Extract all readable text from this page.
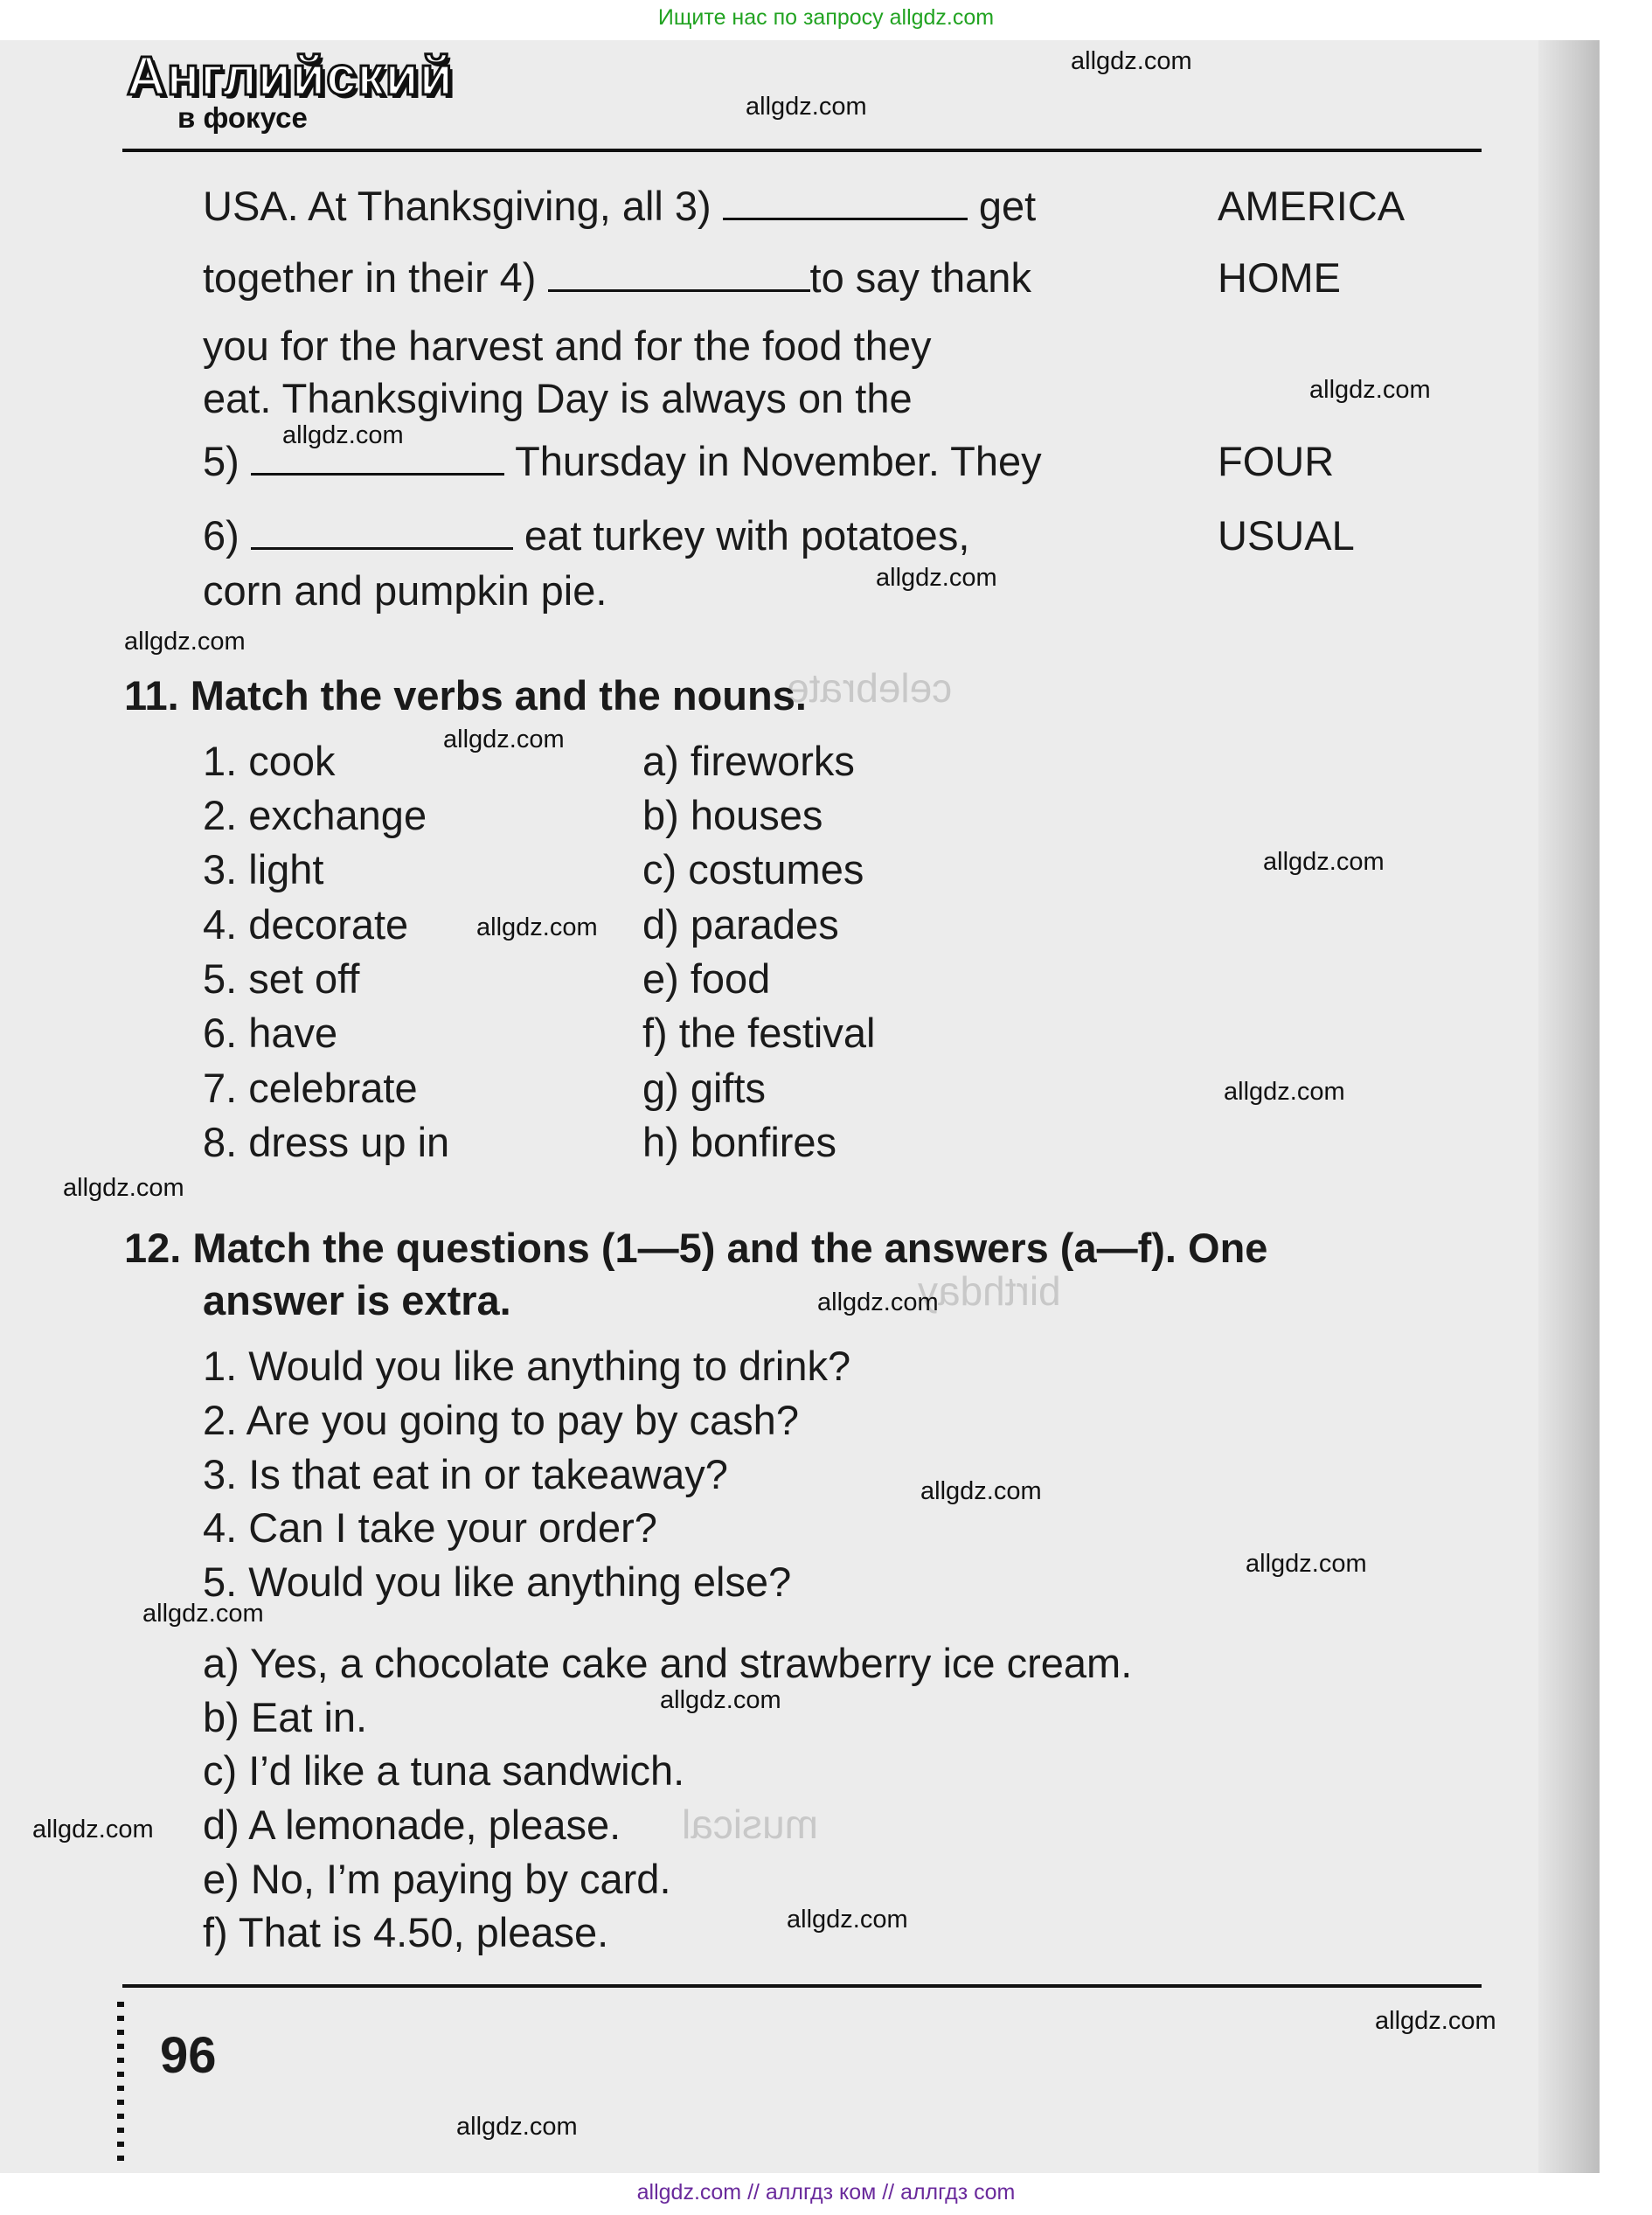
Ищите нас по запросу allgdz.com
celebrate
birthday
musical
Английский
в фокусе
USA. At Thanksgiving, all 3)	get
together in their 4)	to say thank
you for the harvest and for the food they
eat. Thanksgiving Day is always on the
5)	Thursday in November. They
6)	eat turkey with potatoes,
corn and pumpkin pie.
AMERICA
HOME
FOUR
USUAL
11. Match the verbs and the nouns.
1. cook
2. exchange
3. light
4. decorate
5. set off
6. have
7. celebrate
8. dress up in
a) fireworks
b) houses
c) costumes
d) parades
e) food
f) the festival
g) gifts
h) bonfires
12. Match the questions (1—5) and the answers (a—f). One
answer is extra.
1. Would you like anything to drink?
2. Are you going to pay by cash?
3. Is that eat in or takeaway?
4. Can I take your order?
5. Would you like anything else?
a) Yes, a chocolate cake and strawberry ice cream.
b) Eat in.
c) I’d like a tuna sandwich.
d) A lemonade, please.
e) No, I’m paying by card.
f) That is 4.50, please.
96
allgdz.com
allgdz.com
allgdz.com
allgdz.com
allgdz.com
allgdz.com
allgdz.com
allgdz.com
allgdz.com
allgdz.com
allgdz.com
allgdz.com
allgdz.com
allgdz.com
allgdz.com
allgdz.com
allgdz.com
allgdz.com
allgdz.com
allgdz.com
allgdz.com // аллгдз ком // аллгдз com
